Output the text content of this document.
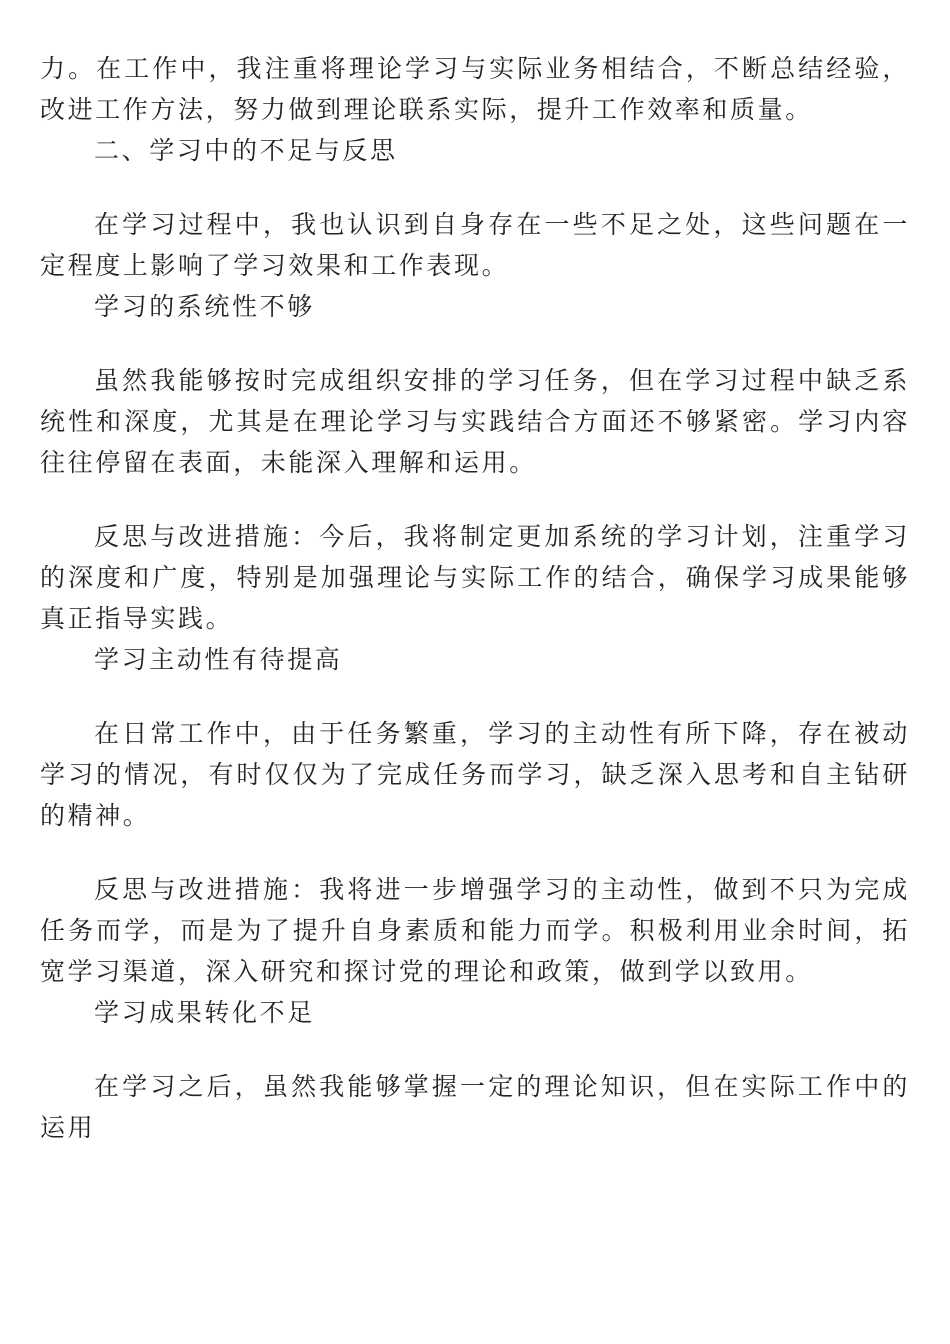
力。在工作中，我注重将理论学习与实际业务相结合，不断总结经验，改进工作方法，努力做到理论联系实际，提升工作效率和质量。

二、学习中的不足与反思

在学习过程中，我也认识到自身存在一些不足之处，这些问题在一定程度上影响了学习效果和工作表现。

学习的系统性不够

虽然我能够按时完成组织安排的学习任务，但在学习过程中缺乏系统性和深度，尤其是在理论学习与实践结合方面还不够紧密。学习内容往往停留在表面，未能深入理解和运用。

反思与改进措施：今后，我将制定更加系统的学习计划，注重学习的深度和广度，特别是加强理论与实际工作的结合，确保学习成果能够真正指导实践。

学习主动性有待提高

在日常工作中，由于任务繁重，学习的主动性有所下降，存在被动学习的情况，有时仅仅为了完成任务而学习，缺乏深入思考和自主钻研的精神。

反思与改进措施：我将进一步增强学习的主动性，做到不只为完成任务而学，而是为了提升自身素质和能力而学。积极利用业余时间，拓宽学习渠道，深入研究和探讨党的理论和政策，做到学以致用。

学习成果转化不足

在学习之后，虽然我能够掌握一定的理论知识，但在实际工作中的运用
